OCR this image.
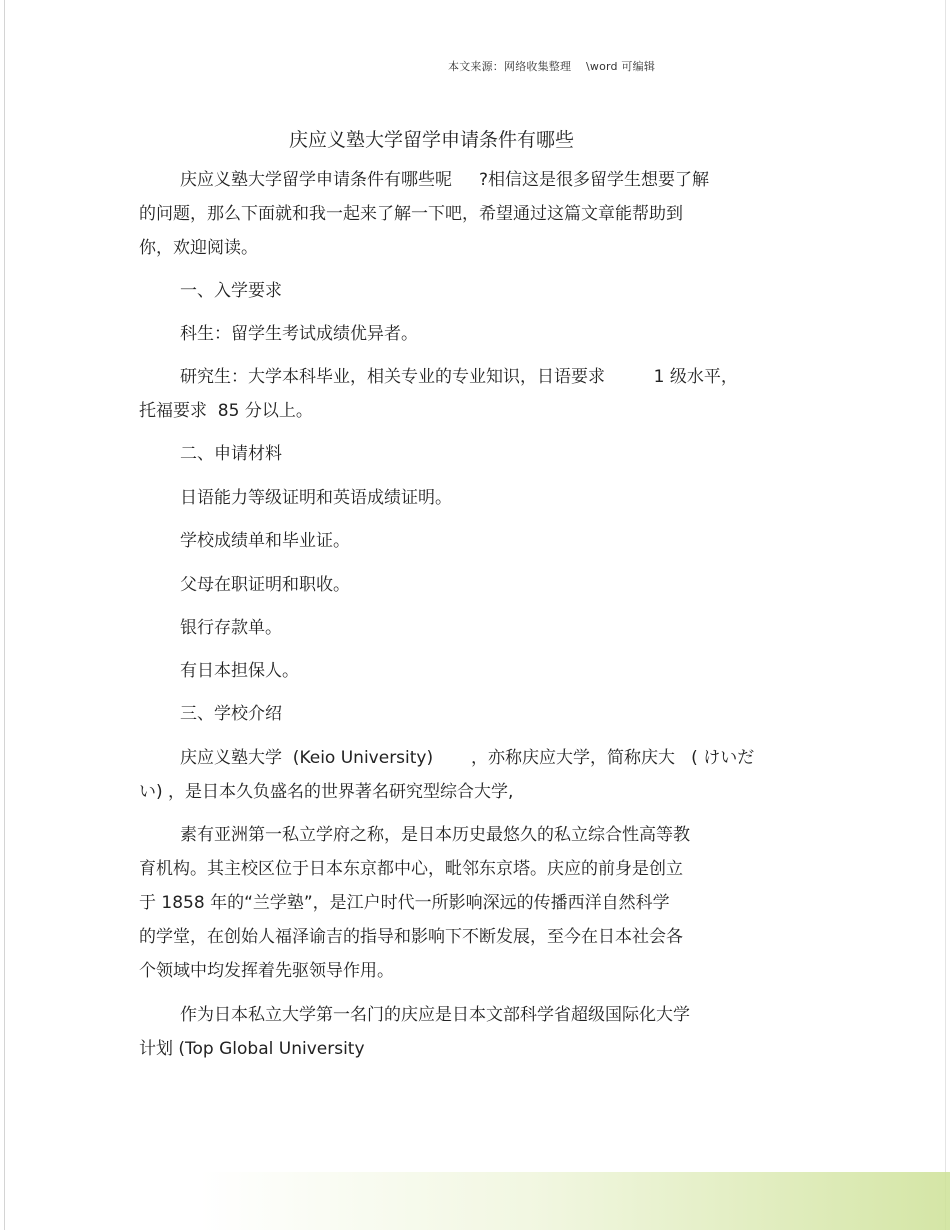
本文来源：网络收集整理    \word 可编辑
庆应义塾大学留学申请条件有哪些
庆应义塾大学留学申请条件有哪些呢     ?相信这是很多留学生想要了解
的问题，那么下面就和我一起来了解一下吧，希望通过这篇文章能帮助到
你，欢迎阅读。
一、入学要求
科生：留学生考试成绩优异者。
研究生：大学本科毕业，相关专业的专业知识，日语要求         1 级水平，
托福要求  85 分以上。
二、申请材料
日语能力等级证明和英语成绩证明。
学校成绩单和毕业证。
父母在职证明和职收。
银行存款单。
有日本担保人。
三、学校介绍
庆应义塾大学  (Keio University)       ，亦称庆应大学，简称庆大   ( けいだ
い) ，是日本久负盛名的世界著名研究型综合大学,
素有亚洲第一私立学府之称，是日本历史最悠久的私立综合性高等教
育机构。其主校区位于日本东京都中心，毗邻东京塔。庆应的前身是创立
于 1858 年的“兰学塾”，是江户时代一所影响深远的传播西洋自然科学
的学堂，在创始人福泽谕吉的指导和影响下不断发展，至今在日本社会各
个领域中均发挥着先驱领导作用。
作为日本私立大学第一名门的庆应是日本文部科学省超级国际化大学
计划 (Top Global University
